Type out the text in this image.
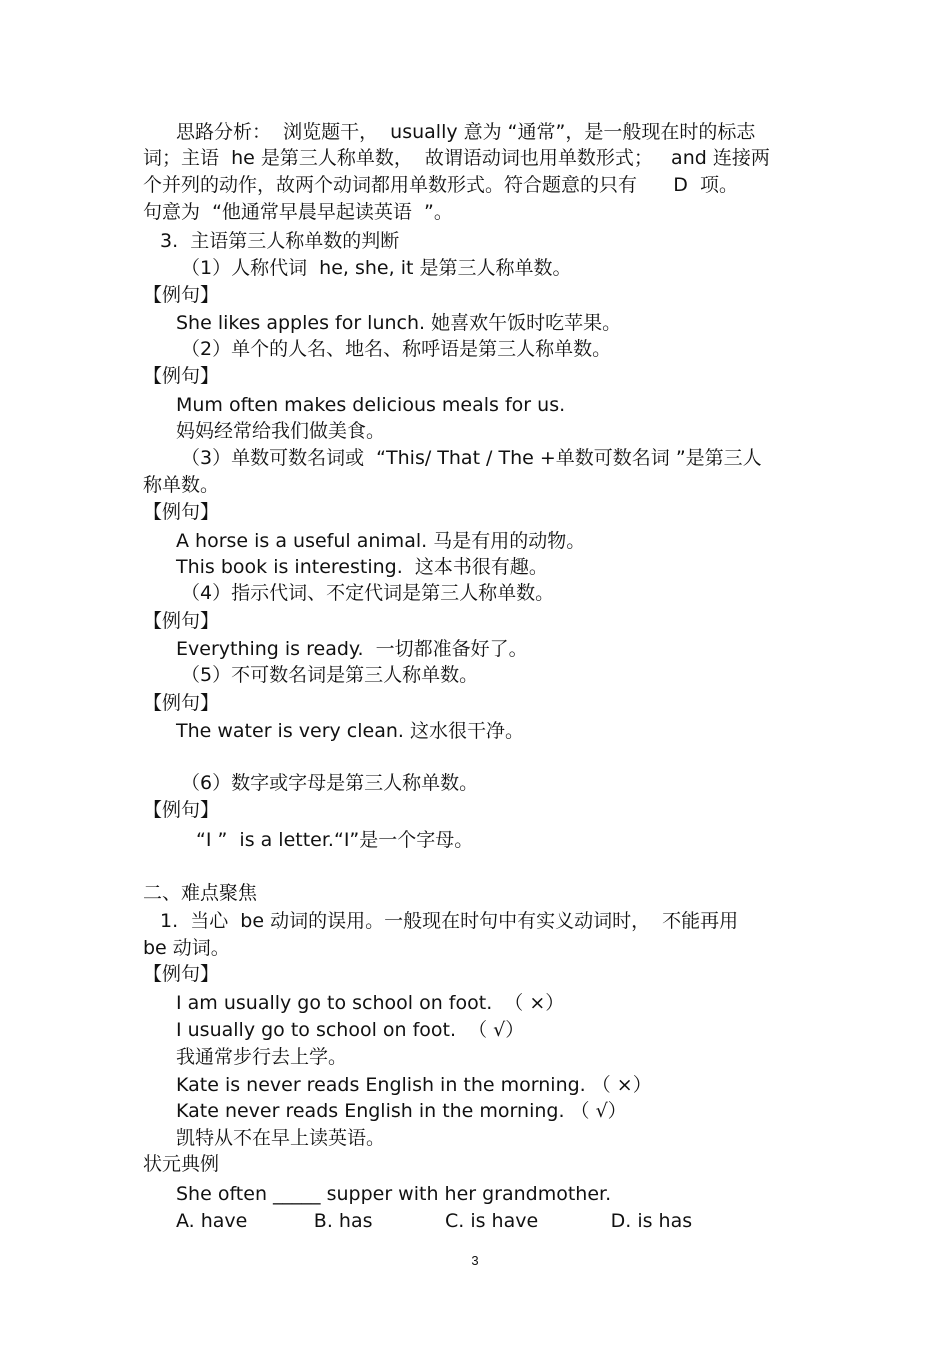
思路分析：  浏览题干，  usually 意为 “通常”，是一般现在时的标志
词；主语  he 是第三人称单数，  故谓语动词也用单数形式；   and 连接两
个并列的动作，故两个动词都用单数形式。符合题意的只有      D  项。
句意为  “他通常早晨早起读英语  ”。
3.  主语第三人称单数的判断
（1）人称代词  he, she, it 是第三人称单数。
【例句】
She likes apples for lunch. 她喜欢午饭时吃苹果。
（2）单个的人名、地名、称呼语是第三人称单数。
【例句】
Mum often makes delicious meals for us.
妈妈经常给我们做美食。
（3）单数可数名词或  “This/ That / The +单数可数名词 ”是第三人
称单数。
【例句】
A horse is a useful animal. 马是有用的动物。
This book is interesting.  这本书很有趣。
（4）指示代词、不定代词是第三人称单数。
【例句】
Everything is ready.  一切都准备好了。
（5）不可数名词是第三人称单数。
【例句】
The water is very clean. 这水很干净。
（6）数字或字母是第三人称单数。
【例句】
“I ”  is a letter.“I”是一个字母。
二、难点聚焦
1.  当心  be 动词的误用。一般现在时句中有实义动词时，  不能再用
be 动词。
【例句】
I am usually go to school on foot.  （ ×）
I usually go to school on foot.  （ √）
我通常步行去上学。
Kate is never reads English in the morning. （ ×）
Kate never reads English in the morning. （ √）
凯特从不在早上读英语。
状元典例
She often _____ supper with her grandmother.
A. have           B. has            C. is have            D. is has
3
